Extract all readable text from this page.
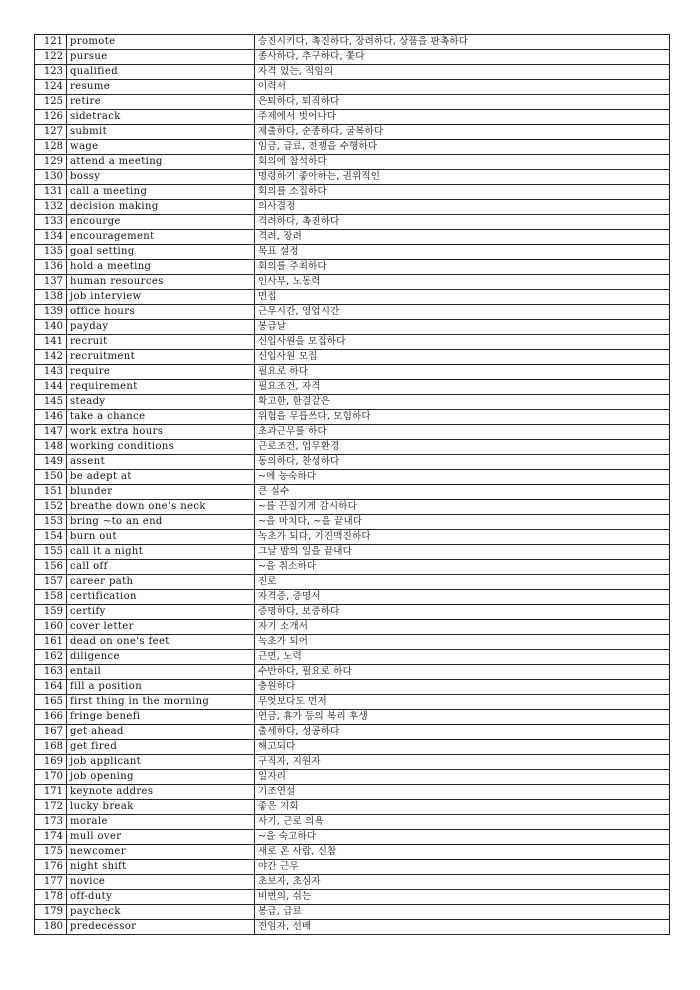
121	promote	승진시키다, 촉진하다, 장려하다, 상품을 판촉하다
122	pursue	종사하다, 추구하다, 쫓다
123	qualified	자격 있는, 적임의
124	resume	이력서
125	retire	은퇴하다, 퇴직하다
126	sidetrack	주제에서 벗어나다
127	submit	제출하다, 순종하다, 굴복하다
128	wage	임금, 급료, 전쟁을 수행하다
129	attend a meeting	회의에 참석하다
130	bossy	명령하기 좋아하는, 권위적인
131	call a meeting	회의를 소집하다
132	decision making	의사결정
133	encourge	격려하다, 촉진하다
134	encouragement	격려, 장려
135	goal setting	목표 설정
136	hold a meeting	회의를 주최하다
137	human resources	인사부, 노동력
138	job interview	면접
139	office hours	근무시간, 영업시간
140	payday	봉급날
141	recruit	신입사원을 모집하다
142	recruitment	신입사원 모집
143	require	필요로 하다
144	requirement	필요조건, 자격
145	steady	확고한, 한결같은
146	take a chance	위험을 무릅쓰다, 모험하다
147	work extra hours	초과근무를 하다
148	working conditions	근로조건, 업무환경
149	assent	동의하다, 찬성하다
150	be adept at	~에 능숙하다
151	blunder	큰 실수
152	breathe down one's neck	~를 끈질기게 감시하다
153	bring ~to an end	~을 마치다, ~을 끝내다
154	burn out	녹초가 되다, 기진맥진하다
155	call it a night	그날 밤의 일을 끝내다
156	call off	~을 취소하다
157	career path	진로
158	certification	자격증, 증명서
159	certify	증명하다, 보증하다
160	cover letter	자기 소개서
161	dead on one's feet	녹초가 되어
162	diligence	근면, 노력
163	entail	수반하다, 필요로 하다
164	fill a position	충원하다
165	first thing in the morning	무엇보다도 먼저
166	fringe benefi	연금, 휴가 등의 복리 후생
167	get ahead	출세하다, 성공하다
168	get fired	해고되다
169	job applicant	구직자, 지원자
170	job opening	일자리
171	keynote addres	기조연설
172	lucky break	좋은 기회
173	morale	사기, 근로 의욕
174	mull over	~을 숙고하다
175	newcomer	새로 온 사람, 신참
176	night shift	야간 근무
177	novice	초보자, 초심자
178	off-duty	비번의, 쉬는
179	paycheck	봉급, 급료
180	predecessor	전임자, 선배
